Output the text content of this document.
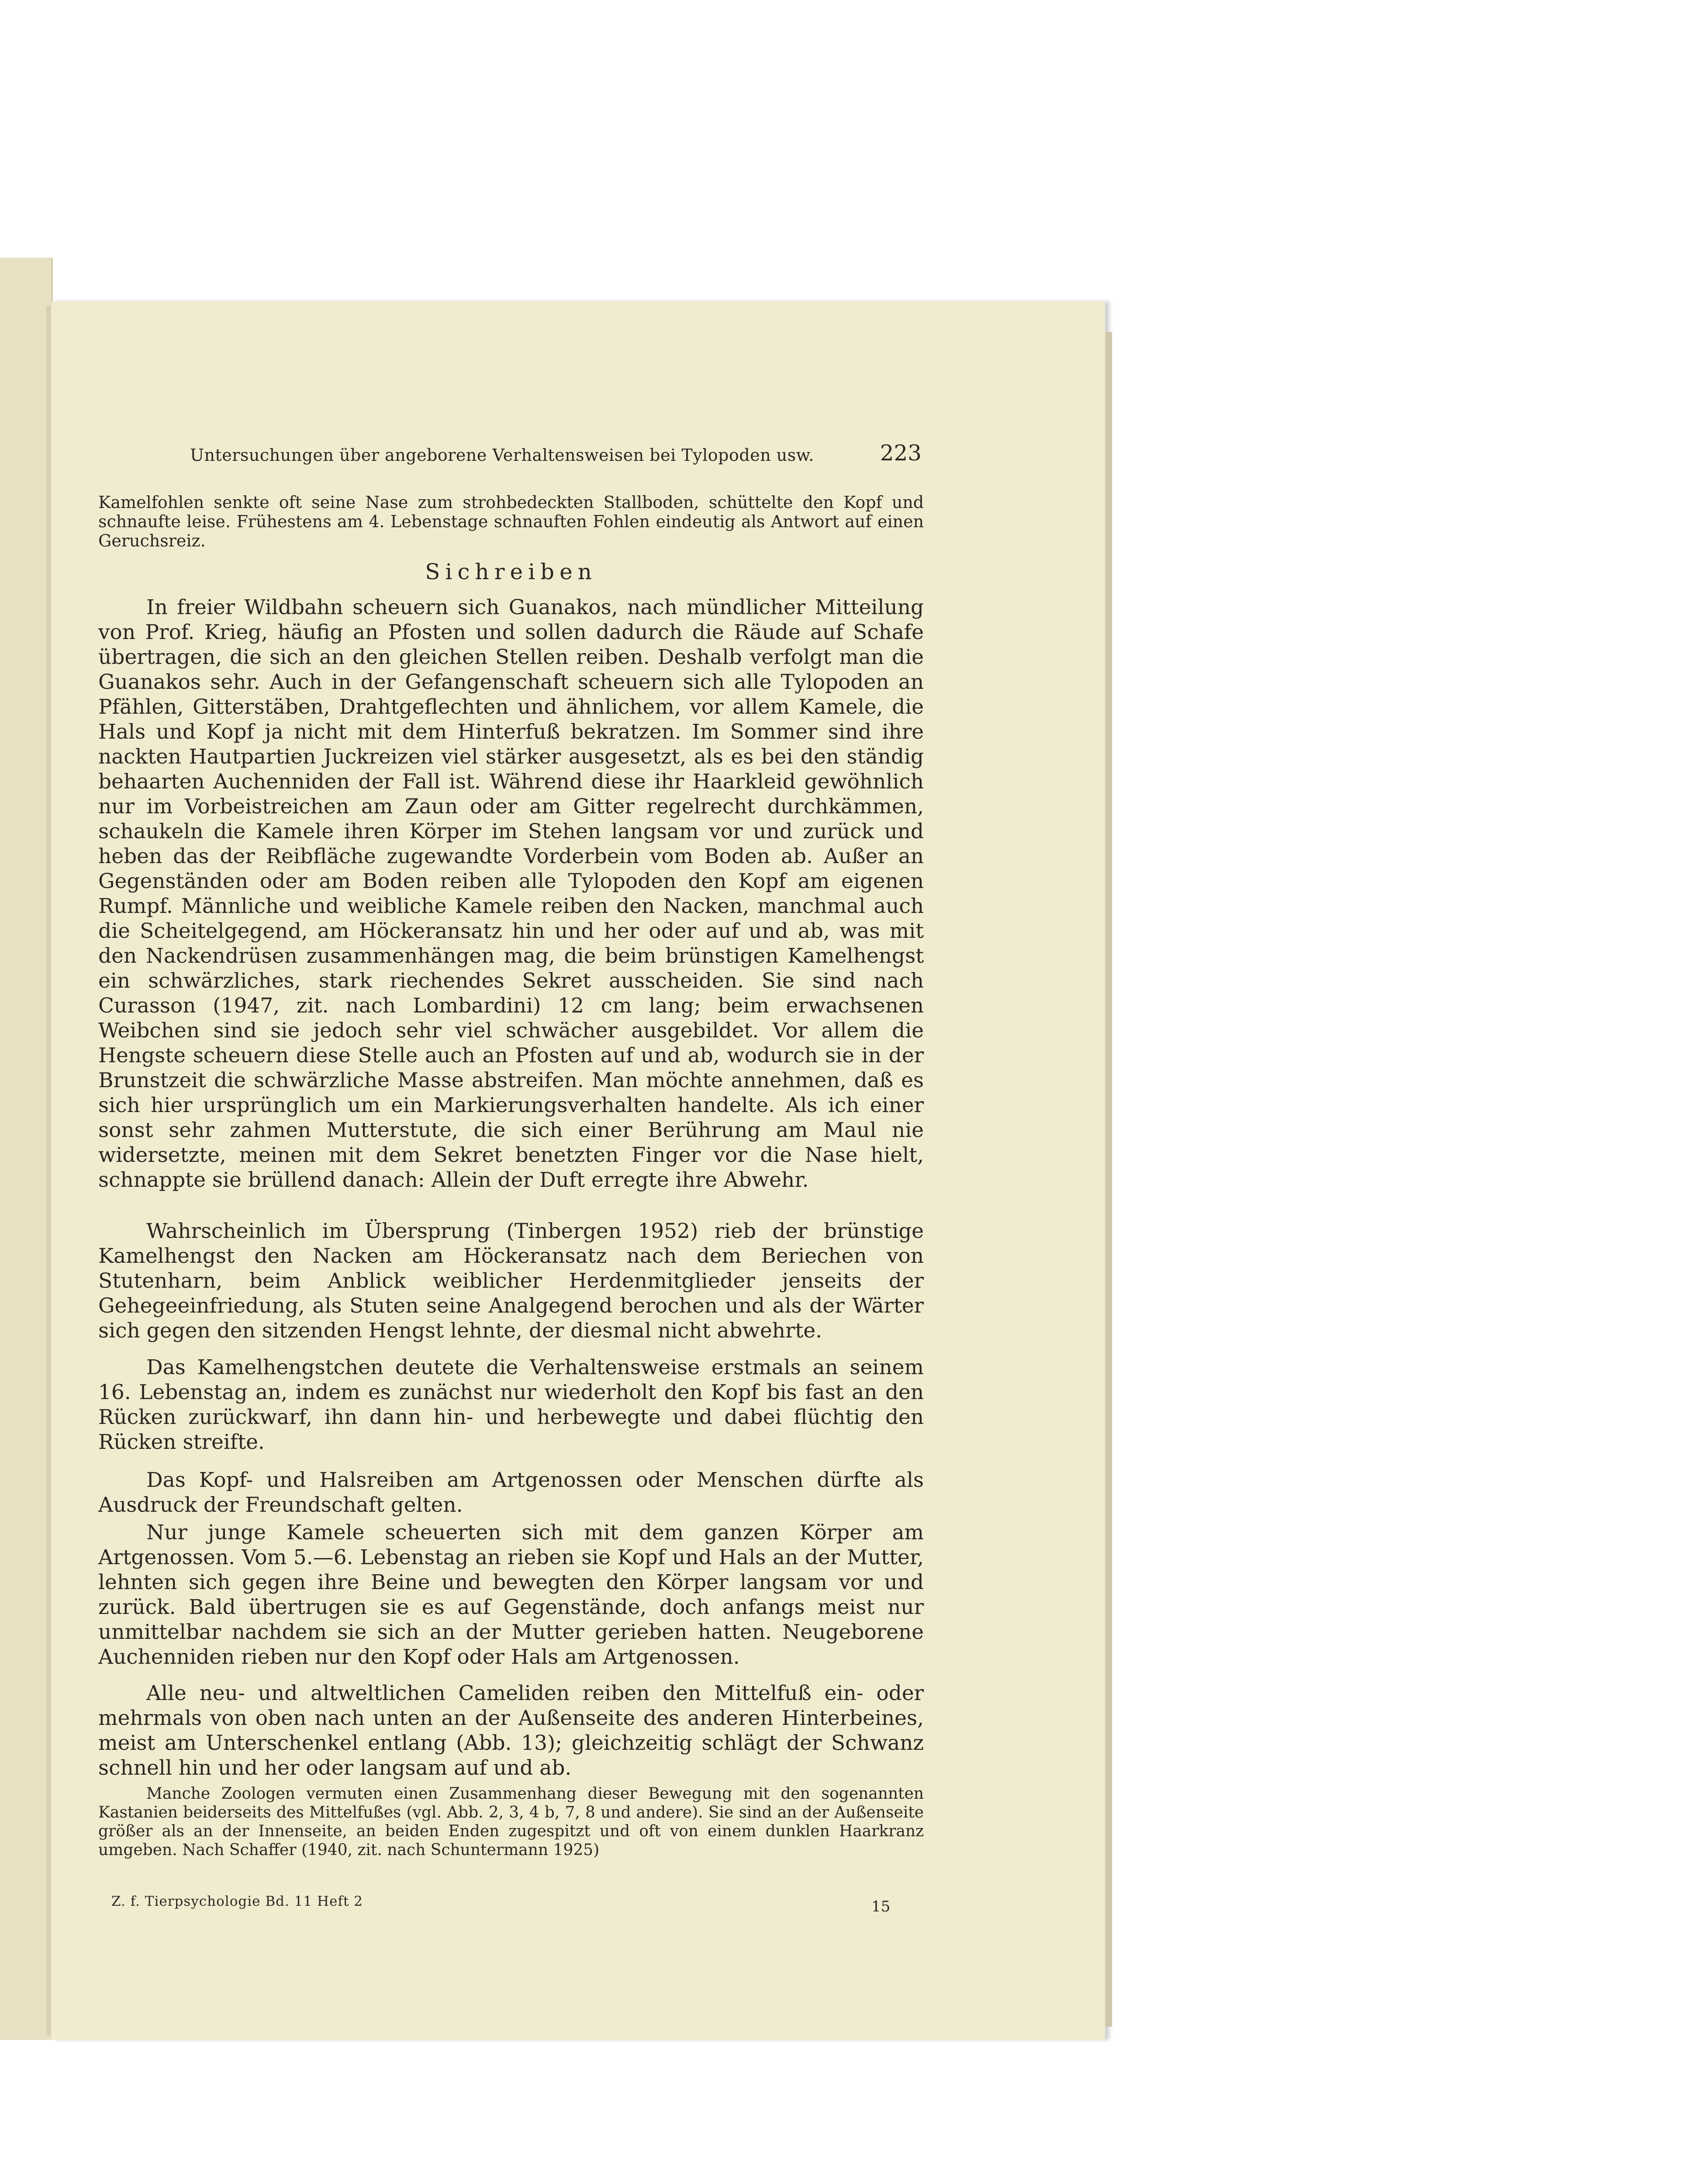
Untersuchungen über angeborene Verhaltensweisen bei Tylopoden usw.	223

Kamelfohlen senkte oft seine Nase zum strohbedeckten Stallboden, schüttelte den Kopf und schnaufte leise. Frühestens am 4. Lebenstage schnauften Fohlen eindeutig als Antwort auf einen Geruchsreiz.

Sichreiben

In freier Wildbahn scheuern sich Guanakos, nach mündlicher Mitteilung von Prof. Krieg, häufig an Pfosten und sollen dadurch die Räude auf Schafe übertragen, die sich an den gleichen Stellen reiben. Deshalb verfolgt man die Guanakos sehr. Auch in der Gefangenschaft scheuern sich alle Tylopoden an Pfählen, Gitterstäben, Drahtgeflechten und ähnlichem, vor allem Kamele, die Hals und Kopf ja nicht mit dem Hinterfuß bekratzen. Im Sommer sind ihre nackten Hautpartien Juckreizen viel stärker ausgesetzt, als es bei den ständig behaarten Auchenniden der Fall ist. Während diese ihr Haarkleid gewöhnlich nur im Vorbeistreichen am Zaun oder am Gitter regelrecht durchkämmen, schaukeln die Kamele ihren Körper im Stehen langsam vor und zurück und heben das der Reibfläche zugewandte Vorderbein vom Boden ab. Außer an Gegenständen oder am Boden reiben alle Tylopoden den Kopf am eigenen Rumpf. Männliche und weibliche Kamele reiben den Nacken, manchmal auch die Scheitelgegend, am Höckeransatz hin und her oder auf und ab, was mit den Nackendrüsen zusammenhängen mag, die beim brünstigen Kamelhengst ein schwärzliches, stark riechendes Sekret ausscheiden. Sie sind nach Curasson (1947, zit. nach Lombardini) 12 cm lang; beim erwachsenen Weibchen sind sie jedoch sehr viel schwächer ausgebildet. Vor allem die Hengste scheuern diese Stelle auch an Pfosten auf und ab, wodurch sie in der Brunstzeit die schwärzliche Masse abstreifen. Man möchte annehmen, daß es sich hier ursprünglich um ein Markierungsverhalten handelte. Als ich einer sonst sehr zahmen Mutterstute, die sich einer Berührung am Maul nie widersetzte, meinen mit dem Sekret benetzten Finger vor die Nase hielt, schnappte sie brüllend danach: Allein der Duft erregte ihre Abwehr.

Wahrscheinlich im Übersprung (Tinbergen 1952) rieb der brünstige Kamelhengst den Nacken am Höckeransatz nach dem Beriechen von Stutenharn, beim Anblick weiblicher Herdenmitglieder jenseits der Gehegeeinfriedung, als Stuten seine Analgegend berochen und als der Wärter sich gegen den sitzenden Hengst lehnte, der diesmal nicht abwehrte.

Das Kamelhengstchen deutete die Verhaltensweise erstmals an seinem 16. Lebenstag an, indem es zunächst nur wiederholt den Kopf bis fast an den Rücken zurückwarf, ihn dann hin- und herbewegte und dabei flüchtig den Rücken streifte.

Das Kopf- und Halsreiben am Artgenossen oder Menschen dürfte als Ausdruck der Freundschaft gelten.

Nur junge Kamele scheuerten sich mit dem ganzen Körper am Artgenossen. Vom 5.—6. Lebenstag an rieben sie Kopf und Hals an der Mutter, lehnten sich gegen ihre Beine und bewegten den Körper langsam vor und zurück. Bald übertrugen sie es auf Gegenstände, doch anfangs meist nur unmittelbar nachdem sie sich an der Mutter gerieben hatten. Neugeborene Auchenniden rieben nur den Kopf oder Hals am Artgenossen.

Alle neu- und altweltlichen Cameliden reiben den Mittelfuß ein- oder mehrmals von oben nach unten an der Außenseite des anderen Hinterbeines, meist am Unterschenkel entlang (Abb. 13); gleichzeitig schlägt der Schwanz schnell hin und her oder langsam auf und ab.

Manche Zoologen vermuten einen Zusammenhang dieser Bewegung mit den sogenannten Kastanien beiderseits des Mittelfußes (vgl. Abb. 2, 3, 4 b, 7, 8 und andere). Sie sind an der Außenseite größer als an der Innenseite, an beiden Enden zugespitzt und oft von einem dunklen Haarkranz umgeben. Nach Schaffer (1940, zit. nach Schuntermann 1925)

Z. f. Tierpsychologie Bd. 11 Heft 2	15
